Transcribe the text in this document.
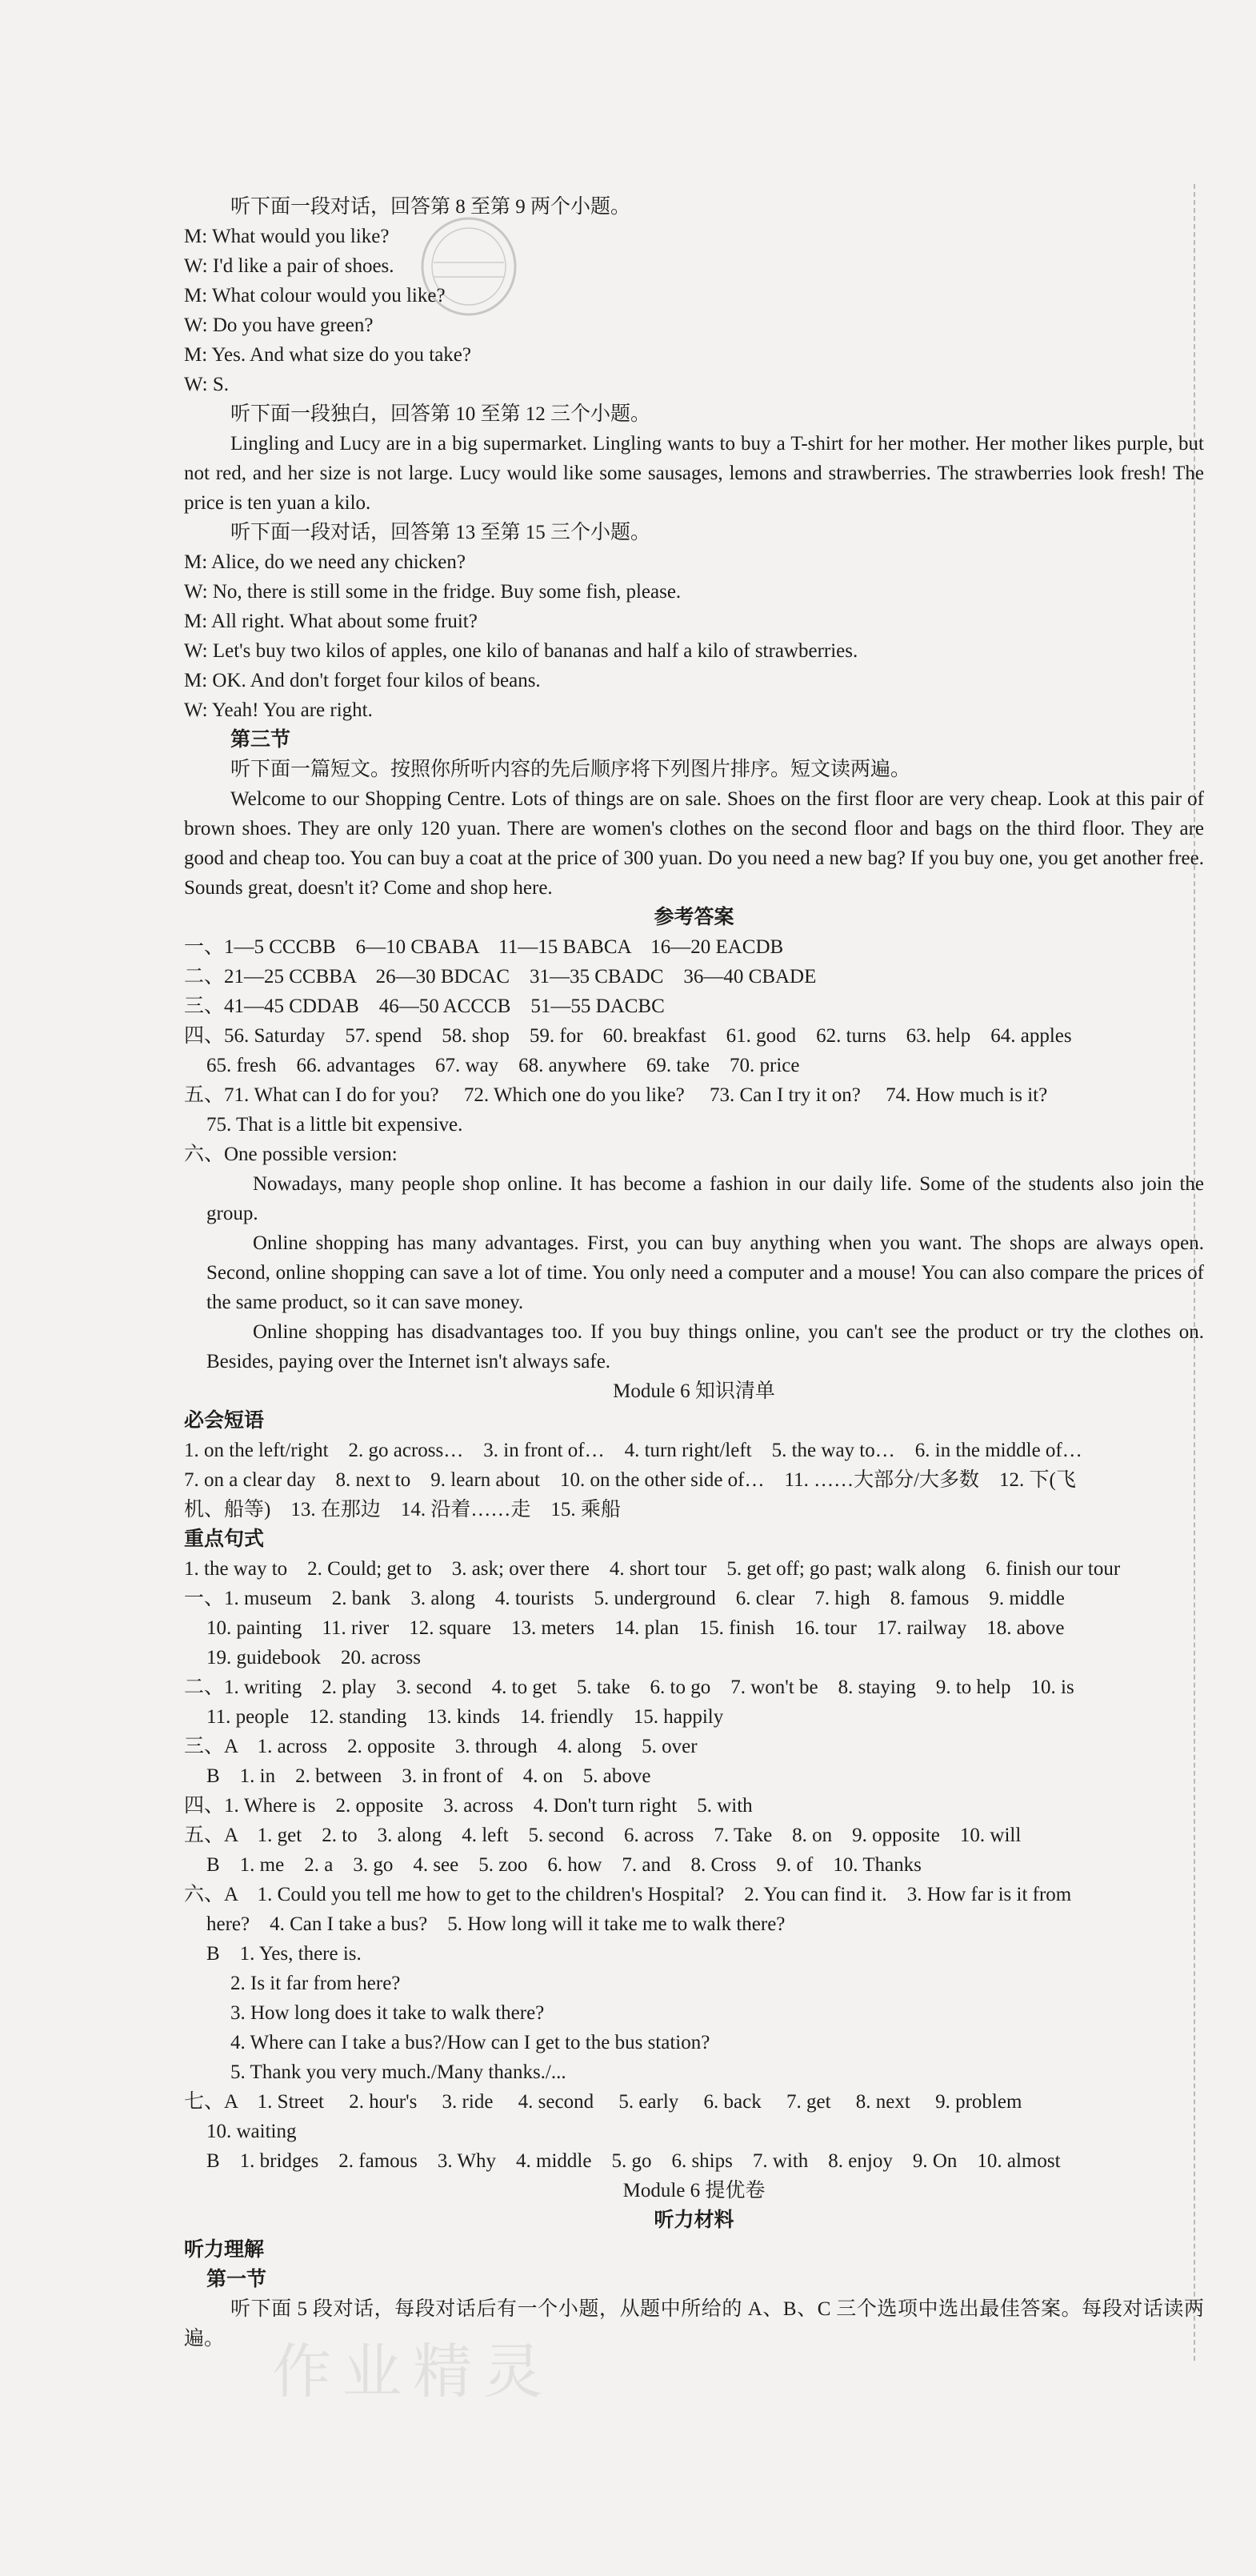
作业精灵
听下面一段对话，回答第 8 至第 9 两个小题。
M: What would you like?
W: I'd like a pair of shoes.
M: What colour would you like?
W: Do you have green?
M: Yes. And what size do you take?
W: S.
听下面一段独白，回答第 10 至第 12 三个小题。
Lingling and Lucy are in a big supermarket. Lingling wants to buy a T-shirt for her mother. Her mother likes purple, but not red, and her size is not large. Lucy would like some sausages, lemons and strawberries. The strawberries look fresh! The price is ten yuan a kilo.
听下面一段对话，回答第 13 至第 15 三个小题。
M: Alice, do we need any chicken?
W: No, there is still some in the fridge. Buy some fish, please.
M: All right. What about some fruit?
W: Let's buy two kilos of apples, one kilo of bananas and half a kilo of strawberries.
M: OK. And don't forget four kilos of beans.
W: Yeah! You are right.
第三节
听下面一篇短文。按照你所听内容的先后顺序将下列图片排序。短文读两遍。
Welcome to our Shopping Centre. Lots of things are on sale. Shoes on the first floor are very cheap. Look at this pair of brown shoes. They are only 120 yuan. There are women's clothes on the second floor and bags on the third floor. They are good and cheap too. You can buy a coat at the price of 300 yuan. Do you need a new bag? If you buy one, you get another free. Sounds great, doesn't it? Come and shop here.
参考答案
一、1—5 CCCBB　6—10 CBABA　11—15 BABCA　16—20 EACDB
二、21—25 CCBBA　26—30 BDCAC　31—35 CBADC　36—40 CBADE
三、41—45 CDDAB　46—50 ACCCB　51—55 DACBC
四、56. Saturday　57. spend　58. shop　59. for　60. breakfast　61. good　62. turns　63. help　64. apples
65. fresh　66. advantages　67. way　68. anywhere　69. take　70. price
五、71. What can I do for you?　 72. Which one do you like?　 73. Can I try it on?　 74. How much is it?
75. That is a little bit expensive.
六、One possible version:
Nowadays, many people shop online. It has become a fashion in our daily life. Some of the students also join the group.
Online shopping has many advantages. First, you can buy anything when you want. The shops are always open. Second, online shopping can save a lot of time. You only need a computer and a mouse! You can also compare the prices of the same product, so it can save money.
Online shopping has disadvantages too. If you buy things online, you can't see the product or try the clothes on. Besides, paying over the Internet isn't always safe.
Module 6 知识清单
必会短语
1. on the left/right　2. go across…　3. in front of…　4. turn right/left　5. the way to…　6. in the middle of…
7. on a clear day　8. next to　9. learn about　10. on the other side of…　11. ……大部分/大多数　12. 下(飞
机、船等)　13. 在那边　14. 沿着……走　15. 乘船
重点句式
1. the way to　2. Could; get to　3. ask; over there　4. short tour　5. get off; go past; walk along　6. finish our tour
一、1. museum　2. bank　3. along　4. tourists　5. underground　6. clear　7. high　8. famous　9. middle
10. painting　11. river　12. square　13. meters　14. plan　15. finish　16. tour　17. railway　18. above
19. guidebook　20. across
二、1. writing　2. play　3. second　4. to get　5. take　6. to go　7. won't be　8. staying　9. to help　10. is
11. people　12. standing　13. kinds　14. friendly　15. happily
三、A　1. across　2. opposite　3. through　4. along　5. over
B　1. in　2. between　3. in front of　4. on　5. above
四、1. Where is　2. opposite　3. across　4. Don't turn right　5. with
五、A　1. get　2. to　3. along　4. left　5. second　6. across　7. Take　8. on　9. opposite　10. will
B　1. me　2. a　3. go　4. see　5. zoo　6. how　7. and　8. Cross　9. of　10. Thanks
六、A　1. Could you tell me how to get to the children's Hospital?　2. You can find it.　3. How far is it from
here?　4. Can I take a bus?　5. How long will it take me to walk there?
B　1. Yes, there is.
2. Is it far from here?
3. How long does it take to walk there?
4. Where can I take a bus?/How can I get to the bus station?
5. Thank you very much./Many thanks./...
七、A　1. Street　 2. hour's　 3. ride　 4. second　 5. early　 6. back　 7. get　 8. next　 9. problem
10. waiting
B　1. bridges　2. famous　3. Why　4. middle　5. go　6. ships　7. with　8. enjoy　9. On　10. almost
Module 6 提优卷
听力材料
听力理解
第一节
听下面 5 段对话，每段对话后有一个小题，从题中所给的 A、B、C 三个选项中选出最佳答案。每段对话读两遍。
